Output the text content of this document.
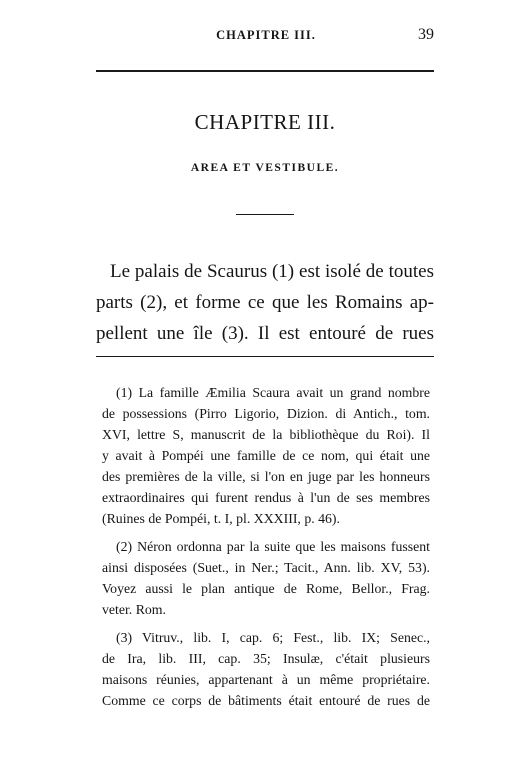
CHAPITRE III.	39
CHAPITRE III.
AREA ET VESTIBULE.

Le palais de Scaurus (1) est isolé de toutes
parts (2), et forme ce que les Romains ap-
pellent une île (3). Il est entouré de rues

(1) La famille Æmilia Scaura avait un grand nombre
de possessions (Pirro Ligorio, Dizion. di Antich., tom.
XVI, lettre S, manuscrit de la bibliothèque du Roi). Il
y avait à Pompéi une famille de ce nom, qui était une
des premières de la ville, si l'on en juge par les honneurs
extraordinaires qui furent rendus à l'un de ses membres
(Ruines de Pompéi, t. I, pl. XXXIII, p. 46).

(2) Néron ordonna par la suite que les maisons fussent
ainsi disposées (Suet., in Ner.; Tacit., Ann. lib. XV, 53).
Voyez aussi le plan antique de Rome, Bellor., Frag.
veter. Rom.

(3) Vitruv., lib. I, cap. 6; Fest., lib. IX; Senec.,
de Ira, lib. III, cap. 35; Insulæ, c'était plusieurs
maisons réunies, appartenant à un même propriétaire.
Comme ce corps de bâtiments était entouré de rues de
